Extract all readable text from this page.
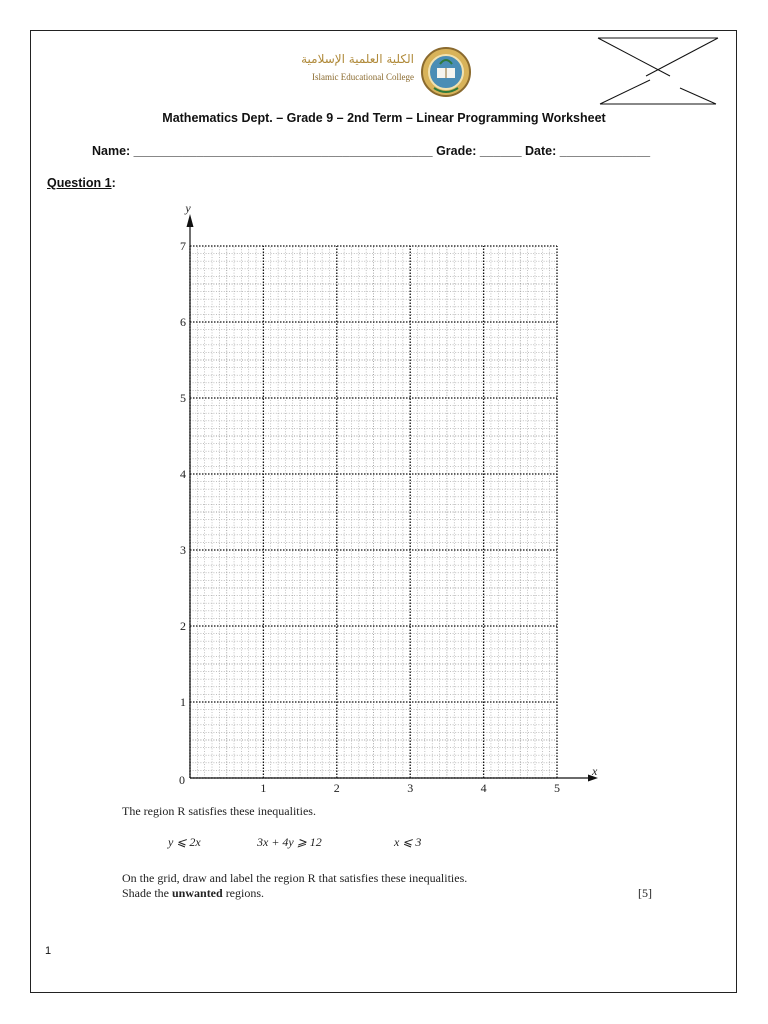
الكلية العلمية الإسلامية
Islamic Educational College
Mathematics Dept. – Grade 9 – 2nd Term – Linear Programming Worksheet
Name: ___________________________________________ Grade: ______ Date: _____________
Question 1:
1	2	3	4	5
1
2
3
4
5
6
7
0
x
y
The region R satisfies these inequalities.
y ⩽ 2x	3x + 4y ⩾ 12	x ⩽ 3
On the grid, draw and label the region R that satisfies these inequalities.
Shade the unwanted regions.	[5]
1
